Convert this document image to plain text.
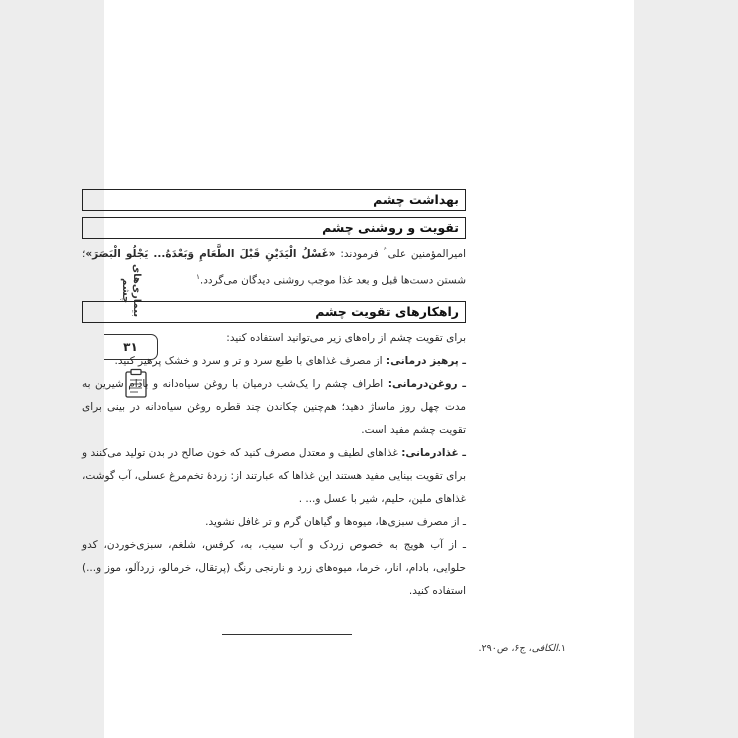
بیماری‌های چشم
۳۱
بهداشت چشم
تقویت و روشنی چشم

امیرالمؤمنین علی ؑ فرمودند: «غَسْلُ الْيَدَيْنِ قَبْلَ الطَّعَامِ وَبَعْدَهُ... يَجْلُو الْبَصَرَ»؛ شستن دست‌ها قبل و بعد غذا موجب روشنی دیدگان می‌گردد.$^۱$

راهکارهای تقویت چشم

برای تقویت چشم از راه‌های زیر می‌توانید استفاده کنید:

ـ پرهیز درمانی: از مصرف غذاهای با طبع سرد و تر و سرد و خشک پرهیز کنید.

ـ روغن‌درمانی: اطراف چشم را یک‌شب درمیان با روغن سیاه‌دانه و بادام شیرین به مدت چهل روز ماساژ دهید؛ هم‌چنین چکاندن چند قطره روغن سیاه‌دانه در بینی برای تقویت چشم مفید است.

ـ غذادرمانی: غذاهای لطیف و معتدل مصرف کنید که خون صالح در بدن تولید می‌کنند و برای تقویت بینایی مفید هستند این غذاها که عبارتند از: زردهٔ تخم‌مرغ عسلی، آب گوشت، غذاهای ملین، حلیم، شیر با عسل و... .

ـ از مصرف سبزی‌ها، میوه‌ها و گیاهان گرم و تر غافل نشوید.

ـ از آب هویج به خصوص زردک و آب سیب، به، کرفس، شلغم، سبزی‌خوردن، کدو حلوایی، بادام، انار، خرما، میوه‌های زرد و نارنجی رنگ (پرتقال، خرمالو، زردآلو، موز و...) استفاده کنید.

۱.الکافی، ج۶، ص۲۹۰.
